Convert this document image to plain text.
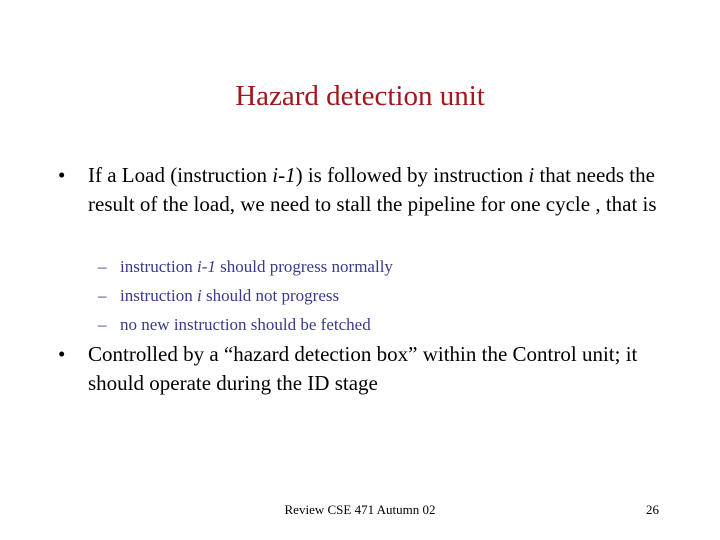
Hazard detection unit
• If a Load (instruction i-1) is followed by instruction i that needs the result of the load, we need to stall the pipeline for one cycle , that is
– instruction i-1 should progress normally
– instruction i should not progress
– no new instruction should be fetched
• Controlled by a “hazard detection box” within the Control unit; it should operate during the ID stage
Review CSE 471 Autumn 02	26
